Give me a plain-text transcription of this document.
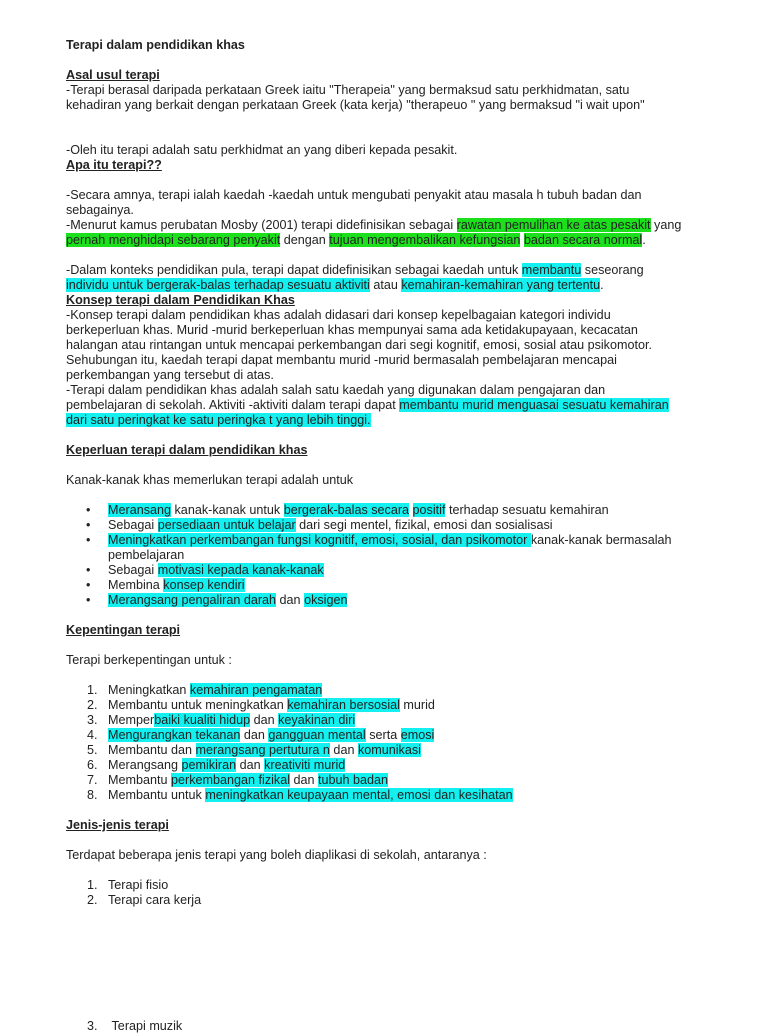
Terapi dalam pendidikan khas
Asal usul terapi
-Terapi berasal daripada perkataan Greek iaitu "Therapeia" yang bermaksud satu perkhidmatan, satu
kehadiran yang berkait dengan perkataan Greek (kata kerja) "therapeuo " yang bermaksud "i wait upon"
-Oleh itu terapi adalah satu perkhidmat an yang diberi kepada pesakit.
Apa itu terapi??
-Secara amnya, terapi ialah kaedah -kaedah untuk mengubati penyakit atau masala h tubuh badan dan
sebagainya.
-Menurut kamus perubatan Mosby (2001) terapi didefinisikan sebagai rawatan pemulihan ke atas pesakit yang
pernah menghidapi sebarang penyakit dengan tujuan mengembalikan kefungsian badan secara normal.
-Dalam konteks pendidikan pula, terapi dapat didefinisikan sebagai kaedah untuk membantu seseorang
individu untuk bergerak-balas terhadap sesuatu aktiviti atau kemahiran-kemahiran yang tertentu.
Konsep terapi dalam Pendidikan Khas
-Konsep terapi dalam pendidikan khas adalah didasari dari konsep kepelbagaian kategori individu
berkeperluan khas. Murid -murid berkeperluan khas mempunyai sama ada ketidakupayaan, kecacatan
halangan atau rintangan untuk mencapai perkembangan dari segi kognitif, emosi, sosial atau psikomotor.
Sehubungan itu, kaedah terapi dapat membantu murid -murid bermasalah pembelajaran mencapai
perkembangan yang tersebut di atas.
-Terapi dalam pendidikan khas adalah salah satu kaedah yang digunakan dalam pengajaran dan
pembelajaran di sekolah. Aktiviti -aktiviti dalam terapi dapat membantu murid menguasai sesuatu kemahiran
dari satu peringkat ke satu peringka t yang lebih tinggi.
Keperluan terapi dalam pendidikan khas
Kanak-kanak khas memerlukan terapi adalah untuk
• Meransang kanak-kanak untuk bergerak-balas secara positif terhadap sesuatu kemahiran
• Sebagai persediaan untuk belajar dari segi mentel, fizikal, emosi dan sosialisasi
• Meningkatkan perkembangan fungsi kognitif, emosi, sosial, dan psikomotor kanak-kanak bermasalah
pembelajaran
• Sebagai motivasi kepada kanak-kanak
• Membina konsep kendiri
• Merangsang pengaliran darah dan oksigen
Kepentingan terapi
Terapi berkepentingan untuk :
1. Meningkatkan kemahiran pengamatan
2. Membantu untuk meningkatkan kemahiran bersosial murid
3. Memperbaiki kualiti hidup dan keyakinan diri
4. Mengurangkan tekanan dan gangguan mental serta emosi
5. Membantu dan merangsang pertutura n dan komunikasi
6. Merangsang pemikiran dan kreativiti murid
7. Membantu perkembangan fizikal dan tubuh badan
8. Membantu untuk meningkatkan keupayaan mental, emosi dan kesihatan
Jenis-jenis terapi
Terdapat beberapa jenis terapi yang boleh diaplikasi di sekolah, antaranya :
1. Terapi fisio
2. Terapi cara kerja
3. Terapi muzik
